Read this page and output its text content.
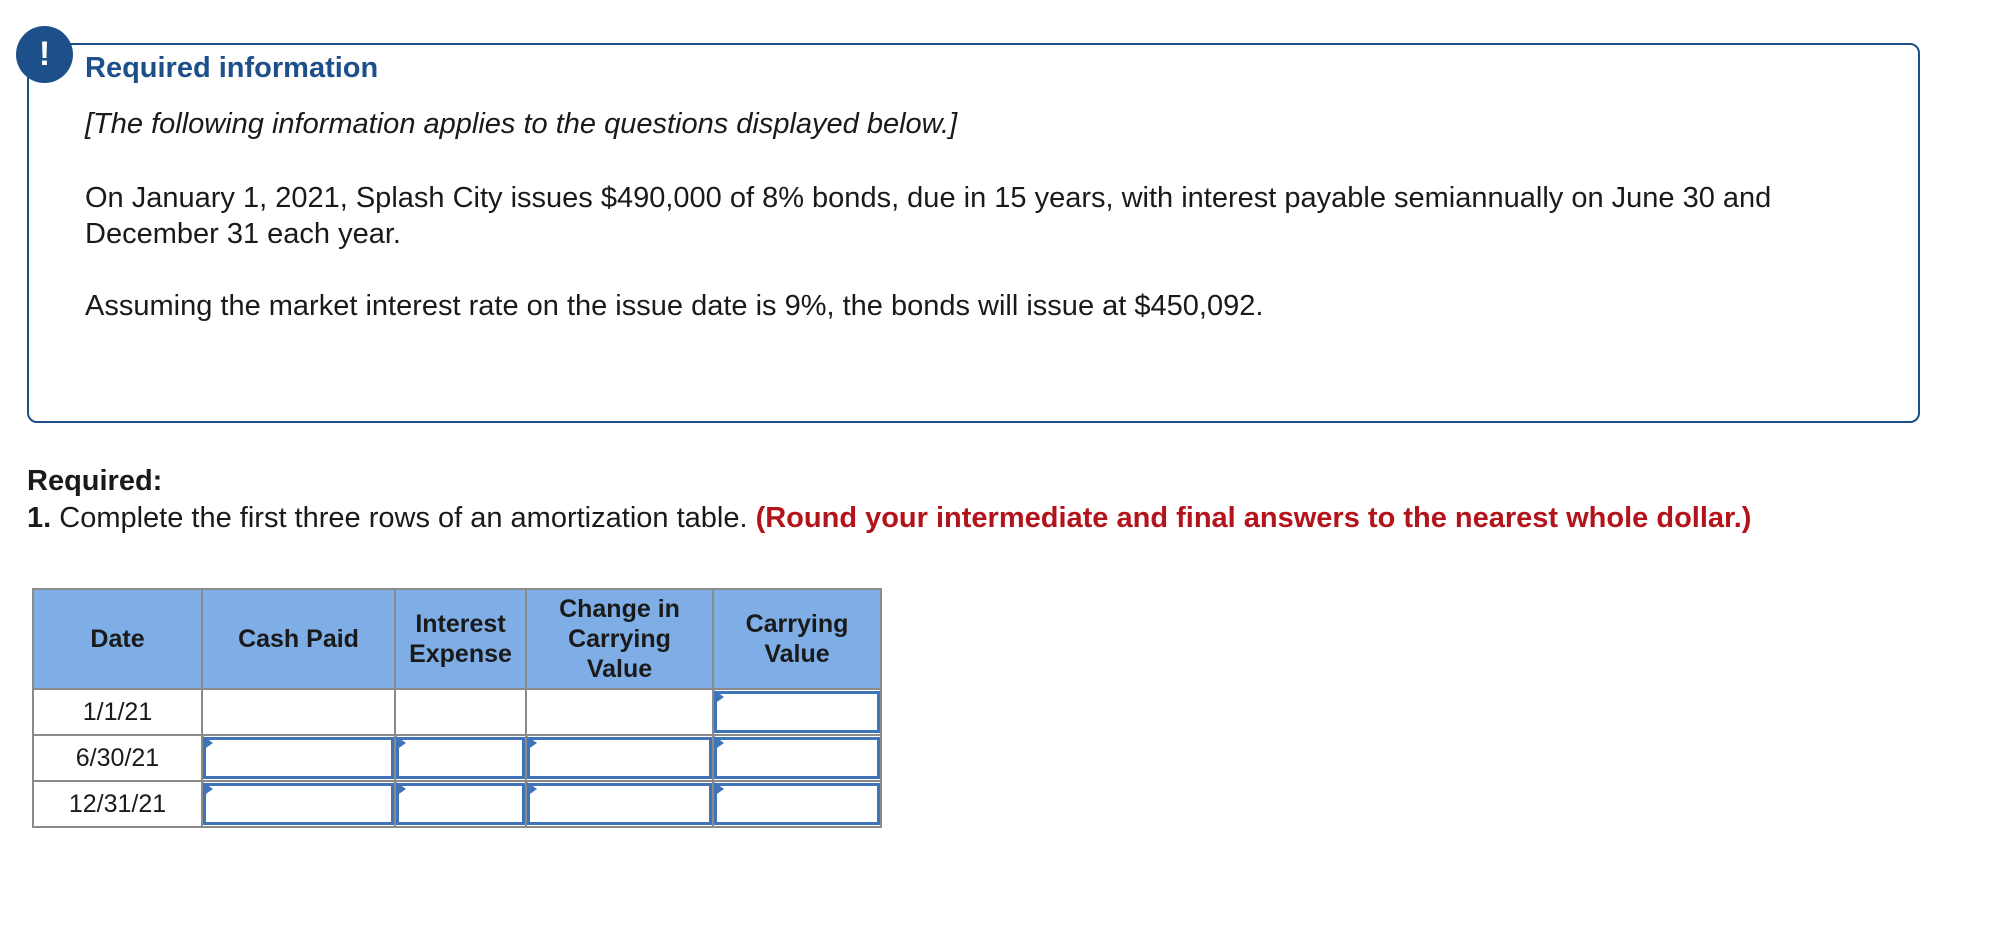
!	Required information

[The following information applies to the questions displayed below.]

On January 1, 2021, Splash City issues $490,000 of 8% bonds, due in 15 years, with interest payable semiannually on June 30 and December 31 each year.

Assuming the market interest rate on the issue date is 9%, the bonds will issue at $450,092.

Required:

1. Complete the first three rows of an amortization table. (Round your intermediate and final answers to the nearest whole dollar.)

Date	Cash Paid	Interest Expense	Change in Carrying Value	Carrying Value
1/1/21				

6/30/21	

12/31/21	
